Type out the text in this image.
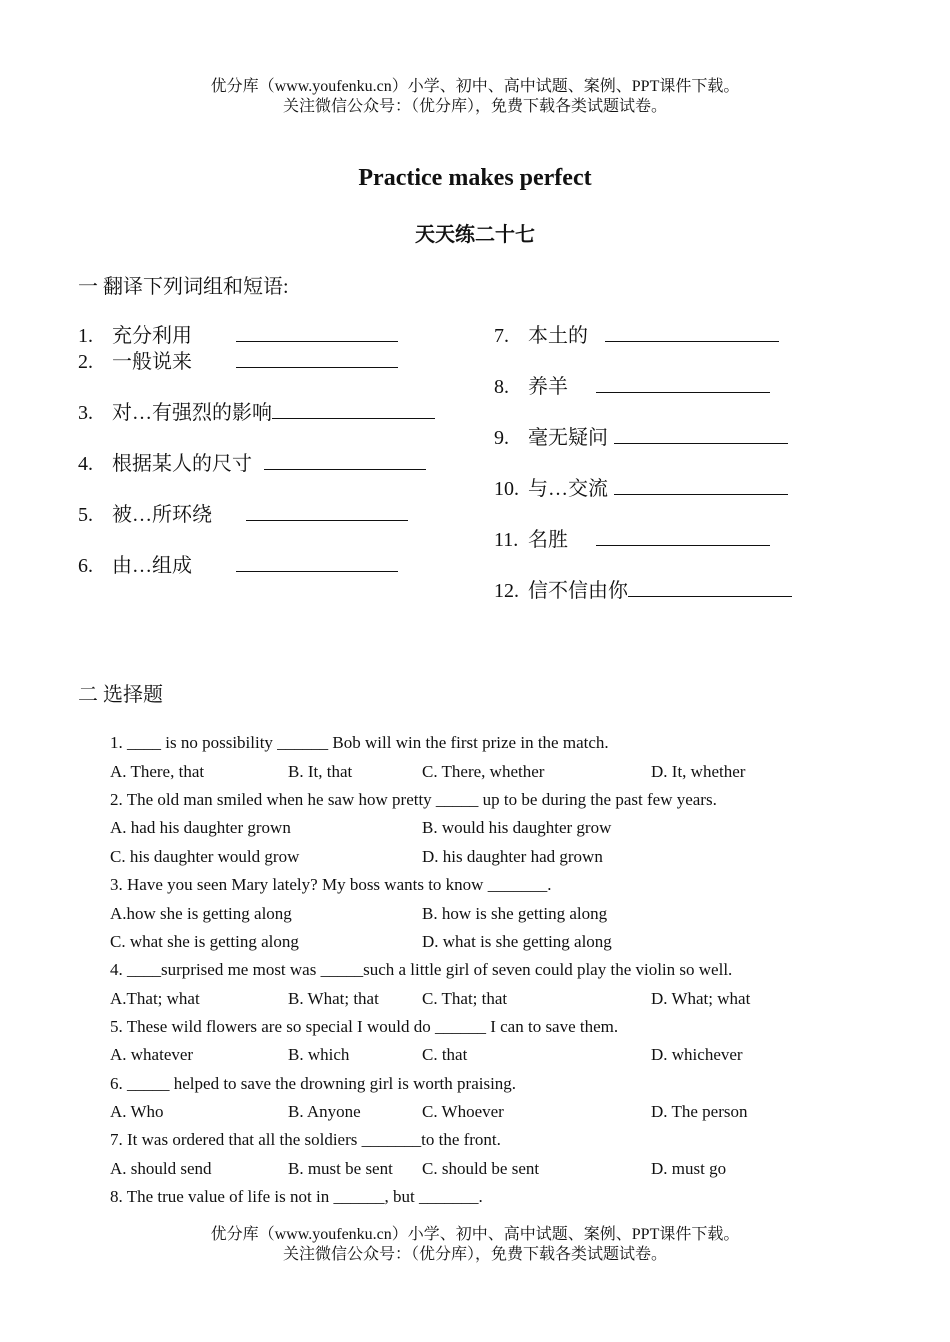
优分库（www.youfenku.cn）小学、初中、高中试题、案例、PPT课件下载。
关注微信公众号：（优分库），免费下载各类试题试卷。
Practice makes perfect
天天练二十七
一 翻译下列词组和短语:
1. 充分利用
2. 一般说来
3. 对…有强烈的影响
4. 根据某人的尺寸
5. 被…所环绕
6. 由…组成
7. 本土的
8. 养羊
9. 毫无疑问
10. 与…交流
11. 名胜
12. 信不信由你
二 选择题
1. ____ is no possibility ______ Bob will win the first prize in the match.
A. There, that	B. It, that	C. There, whether	D. It, whether
2. The old man smiled when he saw how pretty _____ up to be during the past few years.
A. had his daughter grown	B. would his daughter grow
C. his daughter would grow	D. his daughter had grown
3. Have you seen Mary lately? My boss wants to know _______.
A.how she is getting along	B. how is she getting along
C. what she is getting along	D. what is she getting along
4. ____surprised me most was _____such a little girl of seven could play the violin so well.
A.That; what	B. What; that	C. That; that	D. What; what
5. These wild flowers are so special I would do ______ I can to save them.
A. whatever	B. which	C. that	D. whichever
6. _____ helped to save the drowning girl is worth praising.
A. Who	B. Anyone	C. Whoever	D. The person
7. It was ordered that all the soldiers _______to the front.
A. should send	B. must be sent C. should be sent	D. must go
8. The true value of life is not in ______, but _______.
优分库（www.youfenku.cn）小学、初中、高中试题、案例、PPT课件下载。
关注微信公众号：（优分库），免费下载各类试题试卷。
